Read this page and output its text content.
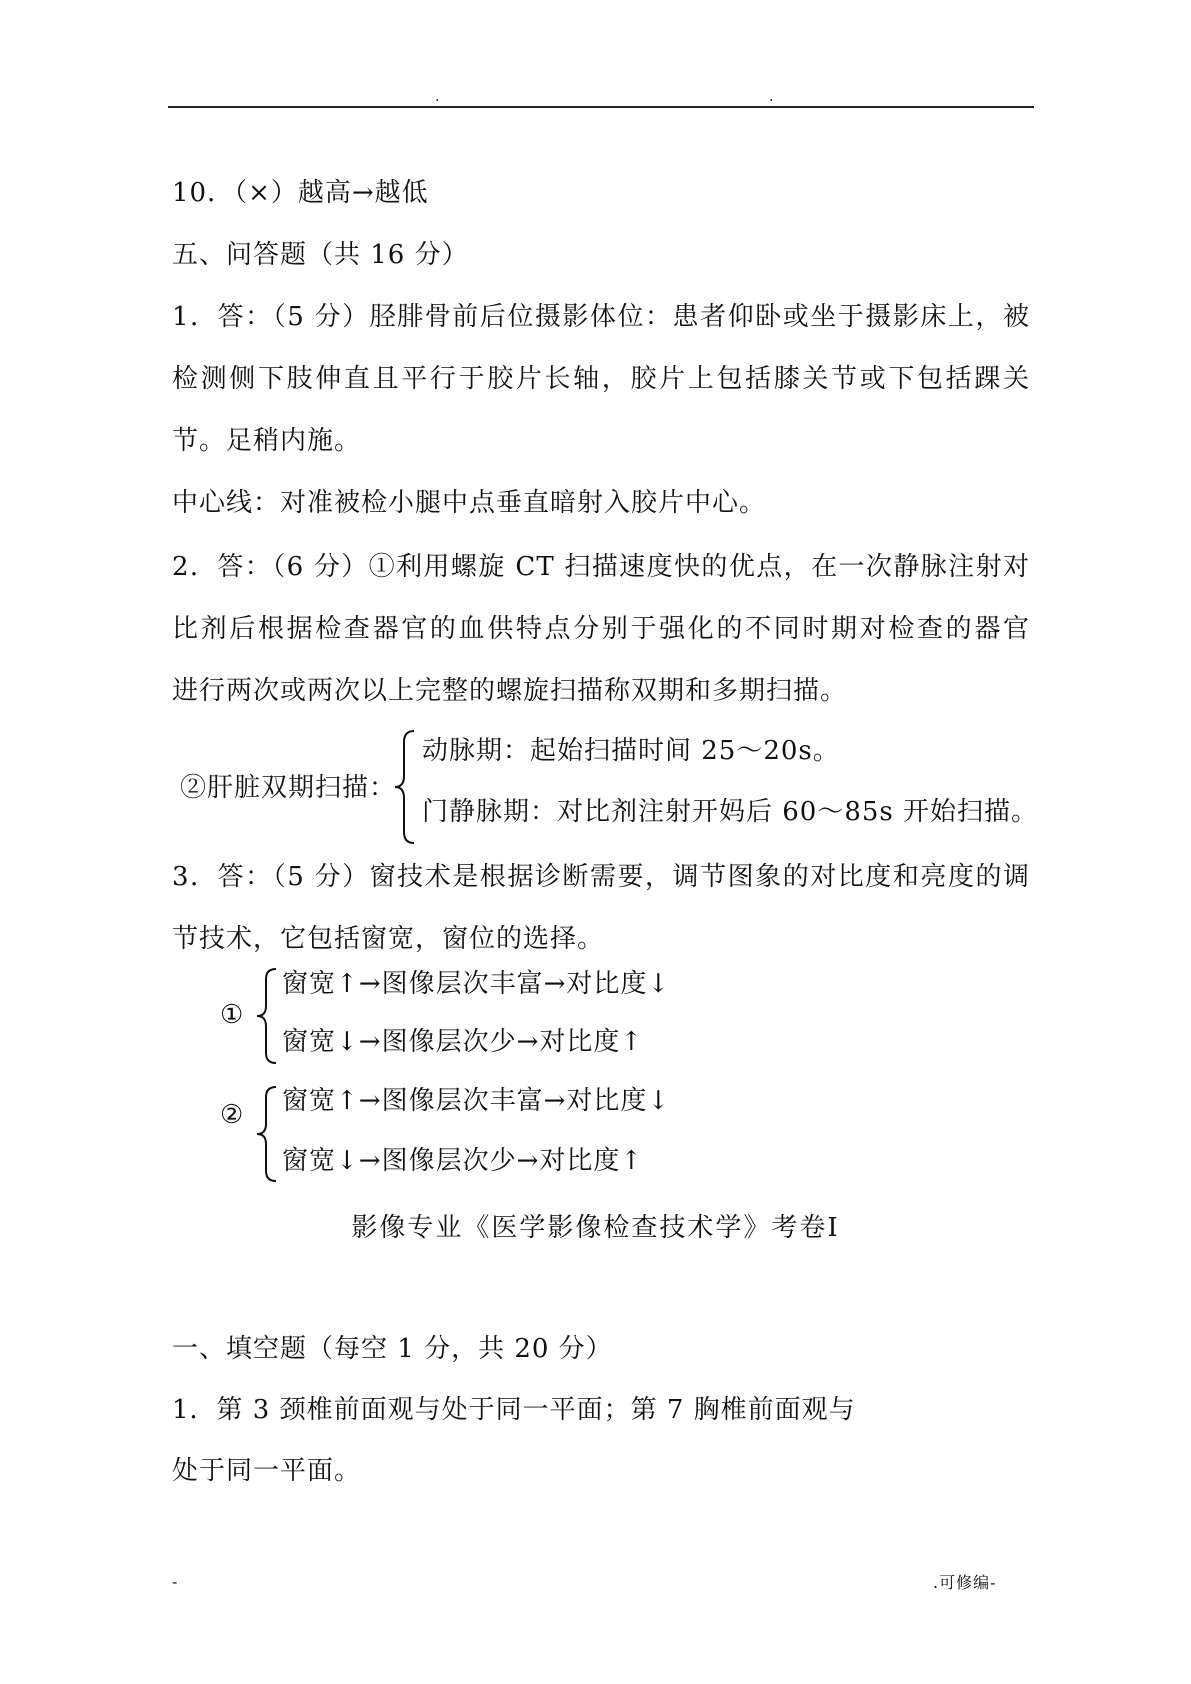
.	.
10．（×）越高→越低
五、问答题（共 16 分）
1．答：（5 分）胫腓骨前后位摄影体位：患者仰卧或坐于摄影床上，被
检测侧下肢伸直且平行于胶片长轴，胶片上包括膝关节或下包括踝关
节。足稍内施。
中心线：对准被检小腿中点垂直暗射入胶片中心。
2．答：（6 分）①利用螺旋 CT 扫描速度快的优点，在一次静脉注射对
比剂后根据检查器官的血供特点分别于强化的不同时期对检查的器官
进行两次或两次以上完整的螺旋扫描称双期和多期扫描。
②肝脏双期扫描：
动脉期：起始扫描时间 25～20s。
门静脉期：对比剂注射开妈后 60～85s 开始扫描。
3．答：（5 分）窗技术是根据诊断需要，调节图象的对比度和亮度的调
节技术，它包括窗宽，窗位的选择。
①
窗宽↑→图像层次丰富→对比度↓
窗宽↓→图像层次少→对比度↑
② 窗宽↑→图像层次丰富→对比度↓
窗宽↓→图像层次少→对比度↑
影像专业《医学影像检查技术学》考卷Ⅰ
一、填空题（每空 1 分，共 20 分）
1．第 3 颈椎前面观与处于同一平面；第 7 胸椎前面观与
处于同一平面。
-	.可修编-
